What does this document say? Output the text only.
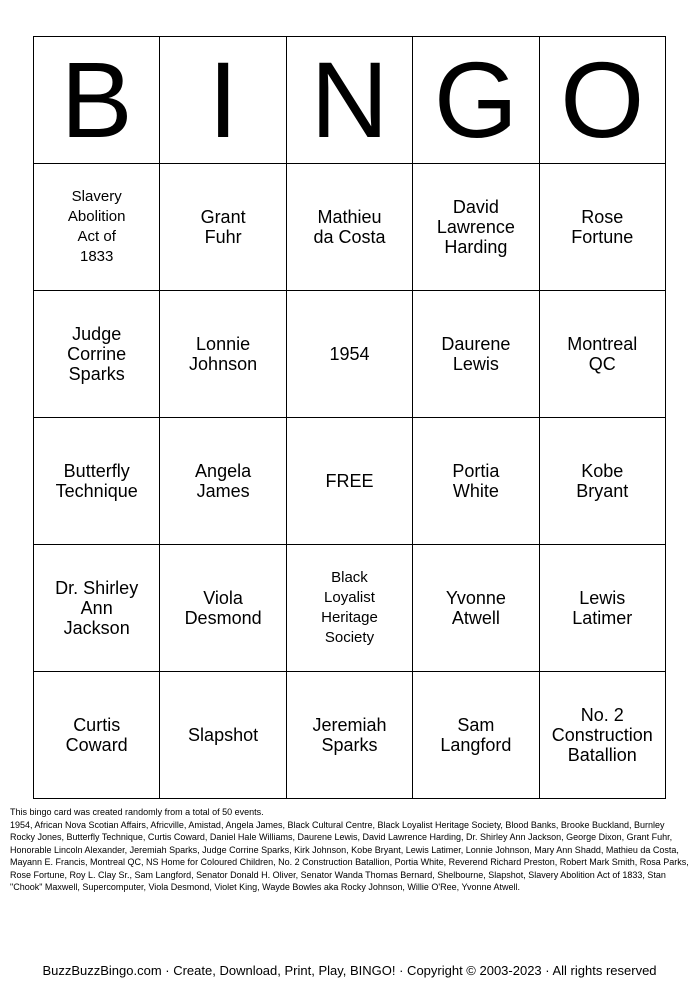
B	I	N	G	O

Slavery
Abolition
Act of
1833	Grant
Fuhr	Mathieu
da Costa	David
Lawrence
Harding	Rose
Fortune

Judge
Corrine
Sparks	Lonnie
Johnson	1954	Daurene
Lewis	Montreal
QC

Butterfly
Technique	Angela
James	FREE	Portia
White	Kobe
Bryant

Dr. Shirley
Ann
Jackson	Viola
Desmond	Black
Loyalist
Heritage
Society	Yvonne
Atwell	Lewis
Latimer

Curtis
Coward	Slapshot	Jeremiah
Sparks	Sam
Langford	No. 2
Construction
Batallion

This bingo card was created randomly from a total of 50 events.

1954, African Nova Scotian Affairs, Africville, Amistad, Angela James, Black Cultural Centre, Black Loyalist Heritage Society, Blood Banks, Brooke Buckland, Burnley Rocky Jones, Butterfly Technique, Curtis Coward, Daniel Hale Williams, Daurene Lewis, David Lawrence Harding, Dr. Shirley Ann Jackson, George Dixon, Grant Fuhr, Honorable Lincoln Alexander, Jeremiah Sparks, Judge Corrine Sparks, Kirk Johnson, Kobe Bryant, Lewis Latimer, Lonnie Johnson, Mary Ann Shadd, Mathieu da Costa, Mayann E. Francis, Montreal QC, NS Home for Coloured Children, No. 2 Construction Batallion, Portia White, Reverend Richard Preston, Robert Mark Smith, Rosa Parks, Rose Fortune, Roy L. Clay Sr., Sam Langford, Senator Donald H. Oliver, Senator Wanda Thomas Bernard, Shelbourne, Slapshot, Slavery Abolition Act of 1833, Stan "Chook" Maxwell, Supercomputer, Viola Desmond, Violet King, Wayde Bowles aka Rocky Johnson, Willie O'Ree, Yvonne Atwell.

BuzzBuzzBingo.com · Create, Download, Print, Play, BINGO! · Copyright © 2003-2023 · All rights reserved
